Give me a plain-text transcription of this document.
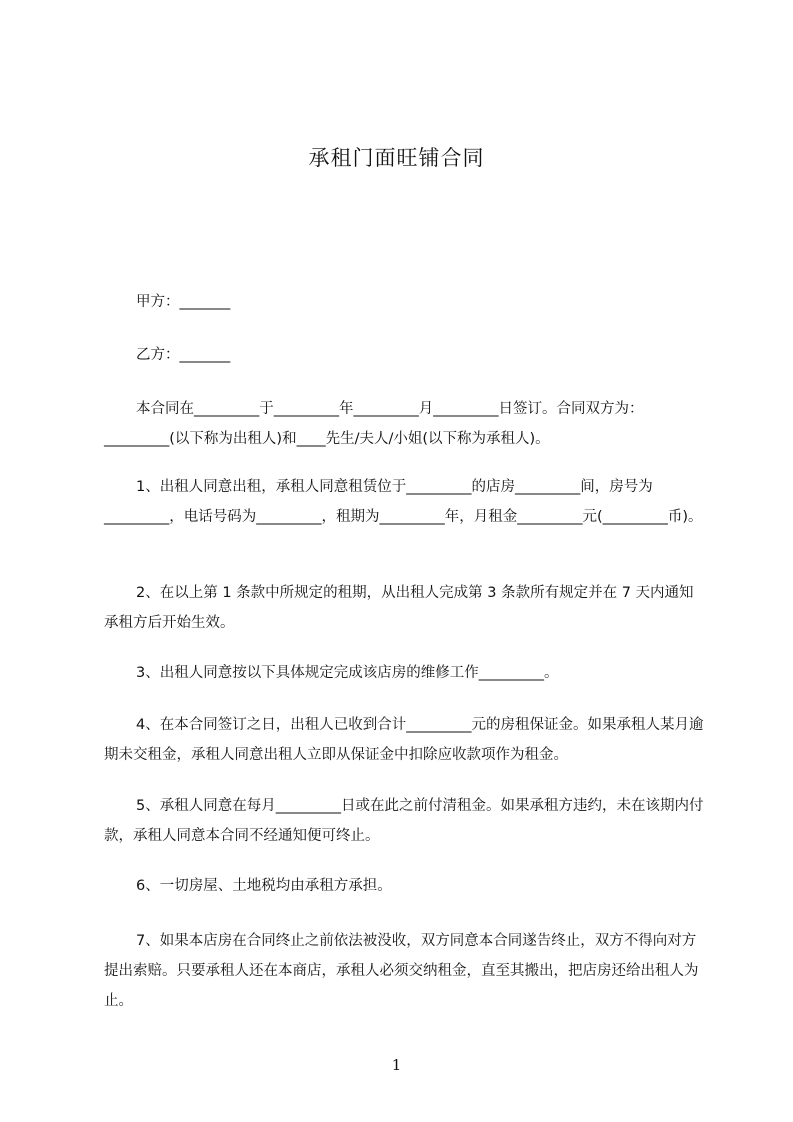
承租门面旺铺合同
甲方：_______
乙方：_______
本合同在_________于_________年_________月_________日签订。合同双方为：_________(以下称为出租人)和____先生/夫人/小姐(以下称为承租人)。
1、出租人同意出租，承租人同意租赁位于_________的店房_________间，房号为_________，电话号码为_________，租期为_________年，月租金_________元(_________币)。
2、在以上第 1 条款中所规定的租期，从出租人完成第 3 条款所有规定并在 7 天内通知承租方后开始生效。
3、出租人同意按以下具体规定完成该店房的维修工作_________。
4、在本合同签订之日，出租人已收到合计_________元的房租保证金。如果承租人某月逾期未交租金，承租人同意出租人立即从保证金中扣除应收款项作为租金。
5、承租人同意在每月_________日或在此之前付清租金。如果承租方违约，未在该期内付款，承租人同意本合同不经通知便可终止。
6、一切房屋、土地税均由承租方承担。
7、如果本店房在合同终止之前依法被没收，双方同意本合同遂告终止，双方不得向对方提出索赔。只要承租人还在本商店，承租人必须交纳租金，直至其搬出，把店房还给出租人为止。
1
